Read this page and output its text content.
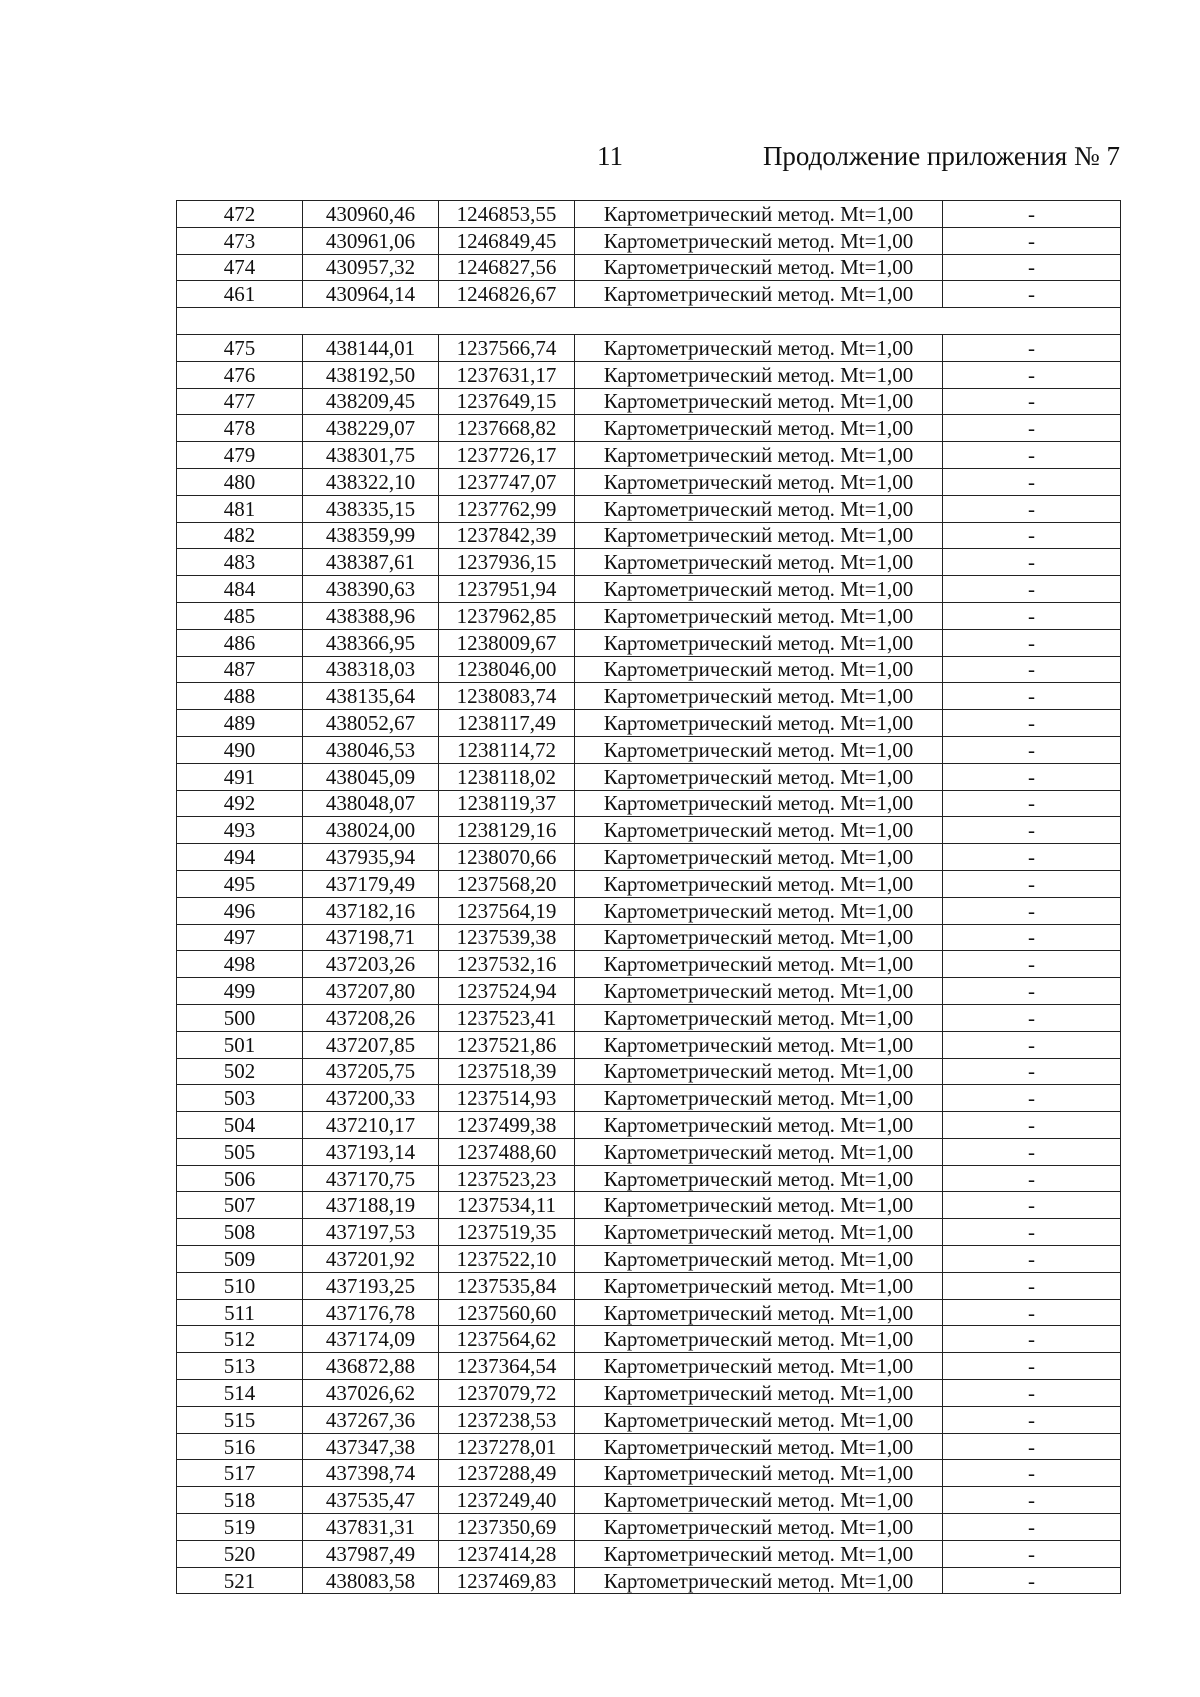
11	Продолжение приложения № 7
472	430960,46	1246853,55	Картометрический метод. Mt=1,00	-
473	430961,06	1246849,45	Картометрический метод. Mt=1,00	-
474	430957,32	1246827,56	Картометрический метод. Mt=1,00	-
461	430964,14	1246826,67	Картометрический метод. Mt=1,00	-

475	438144,01	1237566,74	Картометрический метод. Mt=1,00	-
476	438192,50	1237631,17	Картометрический метод. Mt=1,00	-
477	438209,45	1237649,15	Картометрический метод. Mt=1,00	-
478	438229,07	1237668,82	Картометрический метод. Mt=1,00	-
479	438301,75	1237726,17	Картометрический метод. Mt=1,00	-
480	438322,10	1237747,07	Картометрический метод. Mt=1,00	-
481	438335,15	1237762,99	Картометрический метод. Mt=1,00	-
482	438359,99	1237842,39	Картометрический метод. Mt=1,00	-
483	438387,61	1237936,15	Картометрический метод. Mt=1,00	-
484	438390,63	1237951,94	Картометрический метод. Mt=1,00	-
485	438388,96	1237962,85	Картометрический метод. Mt=1,00	-
486	438366,95	1238009,67	Картометрический метод. Mt=1,00	-
487	438318,03	1238046,00	Картометрический метод. Mt=1,00	-
488	438135,64	1238083,74	Картометрический метод. Mt=1,00	-
489	438052,67	1238117,49	Картометрический метод. Mt=1,00	-
490	438046,53	1238114,72	Картометрический метод. Mt=1,00	-
491	438045,09	1238118,02	Картометрический метод. Mt=1,00	-
492	438048,07	1238119,37	Картометрический метод. Mt=1,00	-
493	438024,00	1238129,16	Картометрический метод. Mt=1,00	-
494	437935,94	1238070,66	Картометрический метод. Mt=1,00	-
495	437179,49	1237568,20	Картометрический метод. Mt=1,00	-
496	437182,16	1237564,19	Картометрический метод. Mt=1,00	-
497	437198,71	1237539,38	Картометрический метод. Mt=1,00	-
498	437203,26	1237532,16	Картометрический метод. Mt=1,00	-
499	437207,80	1237524,94	Картометрический метод. Mt=1,00	-
500	437208,26	1237523,41	Картометрический метод. Mt=1,00	-
501	437207,85	1237521,86	Картометрический метод. Mt=1,00	-
502	437205,75	1237518,39	Картометрический метод. Mt=1,00	-
503	437200,33	1237514,93	Картометрический метод. Mt=1,00	-
504	437210,17	1237499,38	Картометрический метод. Mt=1,00	-
505	437193,14	1237488,60	Картометрический метод. Mt=1,00	-
506	437170,75	1237523,23	Картометрический метод. Mt=1,00	-
507	437188,19	1237534,11	Картометрический метод. Mt=1,00	-
508	437197,53	1237519,35	Картометрический метод. Mt=1,00	-
509	437201,92	1237522,10	Картометрический метод. Mt=1,00	-
510	437193,25	1237535,84	Картометрический метод. Mt=1,00	-
511	437176,78	1237560,60	Картометрический метод. Mt=1,00	-
512	437174,09	1237564,62	Картометрический метод. Mt=1,00	-
513	436872,88	1237364,54	Картометрический метод. Mt=1,00	-
514	437026,62	1237079,72	Картометрический метод. Mt=1,00	-
515	437267,36	1237238,53	Картометрический метод. Mt=1,00	-
516	437347,38	1237278,01	Картометрический метод. Mt=1,00	-
517	437398,74	1237288,49	Картометрический метод. Mt=1,00	-
518	437535,47	1237249,40	Картометрический метод. Mt=1,00	-
519	437831,31	1237350,69	Картометрический метод. Mt=1,00	-
520	437987,49	1237414,28	Картометрический метод. Mt=1,00	-
521	438083,58	1237469,83	Картометрический метод. Mt=1,00	-
